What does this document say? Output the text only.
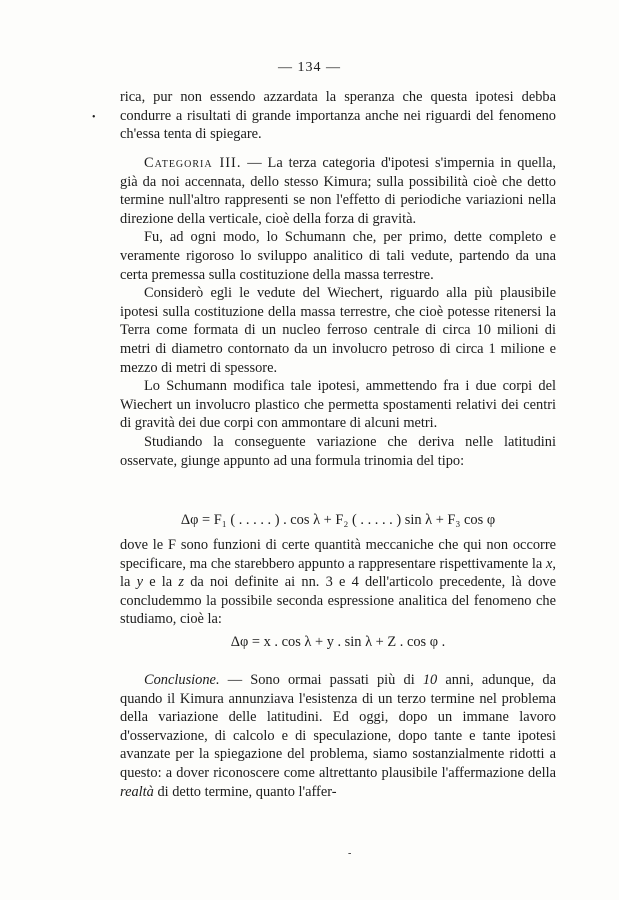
— 134 —
•

rica, pur non essendo azzardata la speranza che questa ipotesi debba condurre a risultati di grande importanza anche nei riguardi del fenomeno ch'essa tenta di spiegare.

Categoria III. — La terza categoria d'ipotesi s'impernia in quella, già da noi accennata, dello stesso Kimura; sulla possibilità cioè che detto termine null'altro rappresenti se non l'effetto di periodiche variazioni nella direzione della verticale, cioè della forza di gravità.

Fu, ad ogni modo, lo Schumann che, per primo, dette completo e veramente rigoroso lo sviluppo analitico di tali vedute, partendo da una certa premessa sulla costituzione della massa terrestre.

Considerò egli le vedute del Wiechert, riguardo alla più plausibile ipotesi sulla costituzione della massa terrestre, che cioè potesse ritenersi la Terra come formata di un nucleo ferroso centrale di circa 10 milioni di metri di diametro contornato da un involucro petroso di circa 1 milione e mezzo di metri di spessore.

Lo Schumann modifica tale ipotesi, ammettendo fra i due corpi del Wiechert un involucro plastico che permetta spostamenti relativi dei centri di gravità dei due corpi con ammontare di alcuni metri.

Studiando la conseguente variazione che deriva nelle latitudini osservate, giunge appunto ad una formula trinomia del tipo:

Δφ = F₁ ( . . . . . ) . cos λ + F₂ ( . . . . . ) sin λ + F₃ cos φ

dove le F sono funzioni di certe quantità meccaniche che qui non occorre specificare, ma che starebbero appunto a rappresentare rispettivamente la x, la y e la z da noi definite ai nn. 3 e 4 dell'articolo precedente, là dove concludemmo la possibile seconda espressione analitica del fenomeno che studiamo, cioè la:

Δφ = x . cos λ + y . sin λ + Z . cos φ .

Conclusione. — Sono ormai passati più di 10 anni, adunque, da quando il Kimura annunziava l'esistenza di un terzo termine nel problema della variazione delle latitudini. Ed oggi, dopo un immane lavoro d'osservazione, di calcolo e di speculazione, dopo tante e tante ipotesi avanzate per la spiegazione del problema, siamo sostanzialmente ridotti a questo: a dover riconoscere come altrettanto plausibile l'affermazione della realtà di detto termine, quanto l'affer-

-
